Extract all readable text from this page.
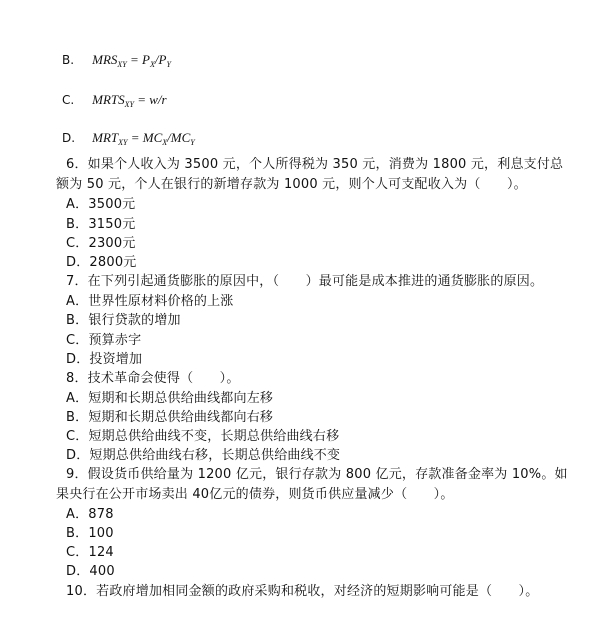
B. $MRS_{XY} = P_X/P_Y$
C. $MRTS_{XY} = w/r$
D. $MRT_{XY} = MC_X/MC_Y$
6．如果个人收入为 3500 元，个人所得税为 350 元，消费为 1800 元，利息支付总
额为 50 元，个人在银行的新增存款为 1000 元，则个人可支配收入为（　　）。
A．3500元
B．3150元
C．2300元
D．2800元
7．在下列引起通货膨胀的原因中，（　　）最可能是成本推进的通货膨胀的原因。
A．世界性原材料价格的上涨
B．银行贷款的增加
C．预算赤字
D．投资增加
8．技术革命会使得（　　）。
A．短期和长期总供给曲线都向左移
B．短期和长期总供给曲线都向右移
C．短期总供给曲线不变，长期总供给曲线右移
D．短期总供给曲线右移，长期总供给曲线不变
9．假设货币供给量为 1200 亿元，银行存款为 800 亿元，存款准备金率为 10%。如
果央行在公开市场卖出 40亿元的债券，则货币供应量减少（　　）。
A．878
B．100
C．124
D．400
10．若政府增加相同金额的政府采购和税收，对经济的短期影响可能是（　　）。
